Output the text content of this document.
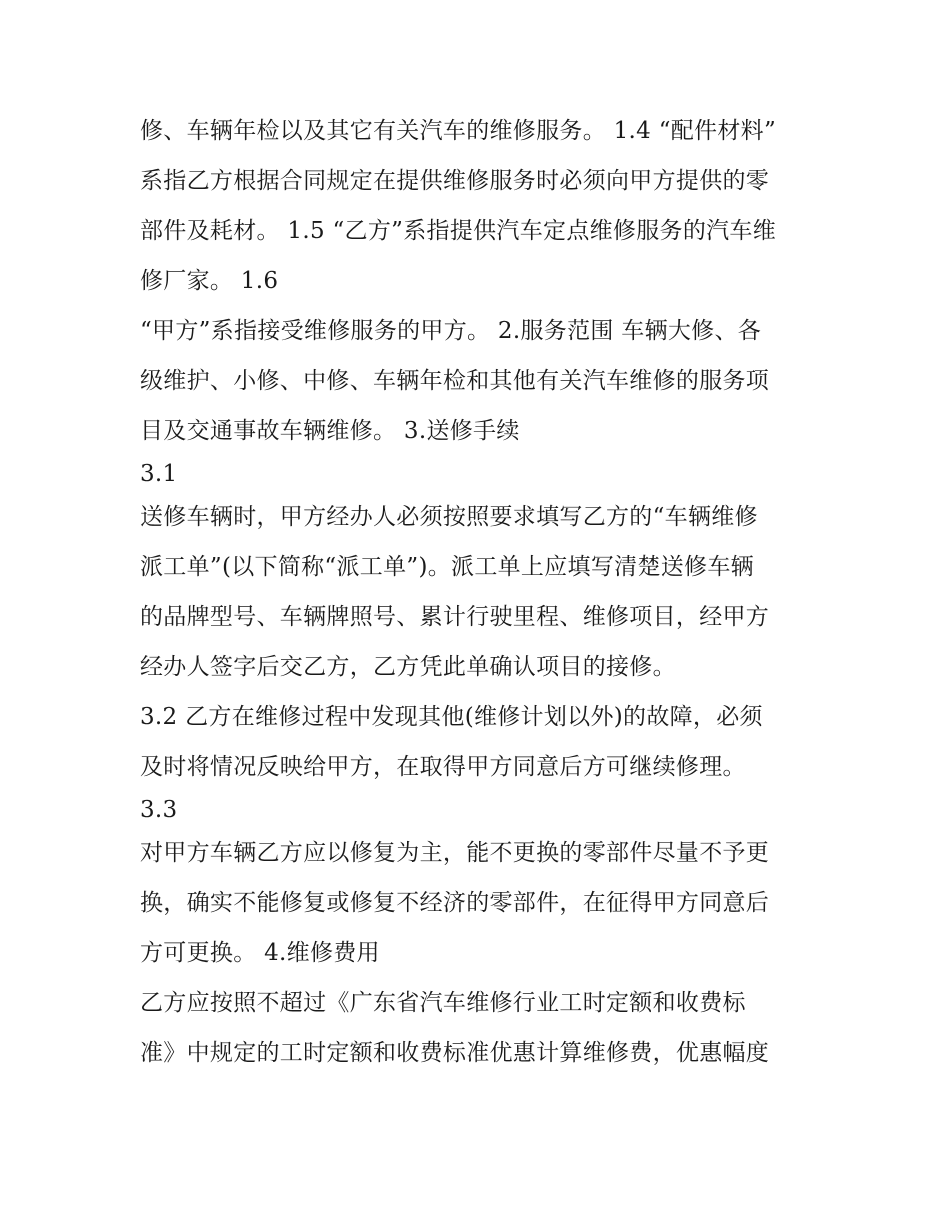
修、车辆年检以及其它有关汽车的维修服务。 1.4 “配件材料”

系指乙方根据合同规定在提供维修服务时必须向甲方提供的零

部件及耗材。 1.5 “乙方”系指提供汽车定点维修服务的汽车维

修厂家。 1.6

“甲方”系指接受维修服务的甲方。 2.服务范围 车辆大修、各

级维护、小修、中修、车辆年检和其他有关汽车维修的服务项

目及交通事故车辆维修。 3.送修手续

3.1

送修车辆时，甲方经办人必须按照要求填写乙方的“车辆维修

派工单”(以下简称“派工单”)。派工单上应填写清楚送修车辆

的品牌型号、车辆牌照号、累计行驶里程、维修项目，经甲方

经办人签字后交乙方，乙方凭此单确认项目的接修。

3.2 乙方在维修过程中发现其他(维修计划以外)的故障，必须

及时将情况反映给甲方，在取得甲方同意后方可继续修理。

3.3

对甲方车辆乙方应以修复为主，能不更换的零部件尽量不予更

换，确实不能修复或修复不经济的零部件，在征得甲方同意后

方可更换。 4.维修费用

乙方应按照不超过《广东省汽车维修行业工时定额和收费标

准》中规定的工时定额和收费标准优惠计算维修费，优惠幅度
